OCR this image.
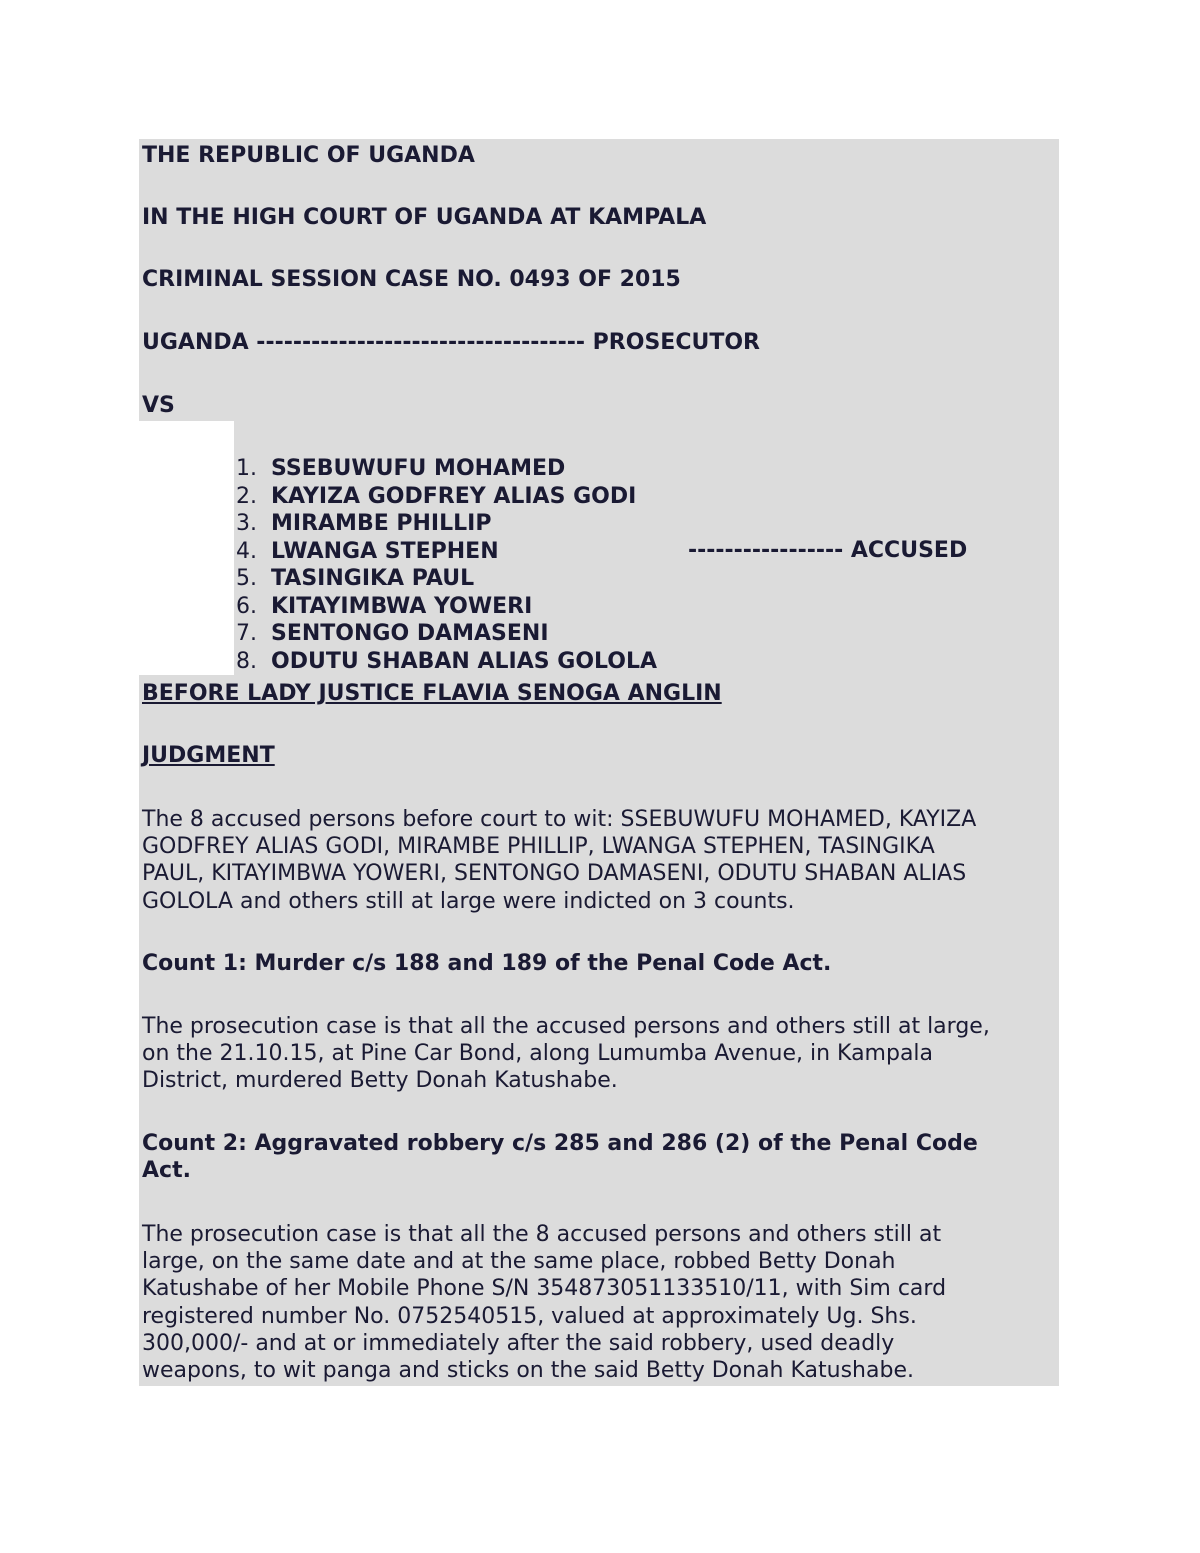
THE REPUBLIC OF UGANDA

IN THE HIGH COURT OF UGANDA AT KAMPALA

CRIMINAL SESSION CASE NO. 0493 OF 2015

UGANDA ------------------------------------ PROSECUTOR

VS

1. SSEBUWUFU MOHAMED
2. KAYIZA GODFREY ALIAS GODI
3. MIRAMBE PHILLIP
4. LWANGA STEPHEN
5. TASINGIKA PAUL
6. KITAYIMBWA YOWERI
7. SENTONGO DAMASENI
8. ODUTU SHABAN ALIAS GOLOLA
----------------- ACCUSED

BEFORE LADY JUSTICE FLAVIA SENOGA ANGLIN

JUDGMENT

The 8 accused persons before court to wit: SSEBUWUFU MOHAMED, KAYIZA
GODFREY ALIAS GODI, MIRAMBE PHILLIP, LWANGA STEPHEN, TASINGIKA
PAUL, KITAYIMBWA YOWERI, SENTONGO DAMASENI, ODUTU SHABAN ALIAS
GOLOLA and others still at large were indicted on 3 counts.

Count 1: Murder c/s 188 and 189 of the Penal Code Act.

The prosecution case is that all the accused persons and others still at large,
on the 21.10.15, at Pine Car Bond, along Lumumba Avenue, in Kampala
District, murdered Betty Donah Katushabe.

Count 2: Aggravated robbery c/s 285 and 286 (2) of the Penal Code
Act.

The prosecution case is that all the 8 accused persons and others still at
large, on the same date and at the same place, robbed Betty Donah
Katushabe of her Mobile Phone S/N 354873051133510/11, with Sim card
registered number No. 0752540515, valued at approximately Ug. Shs.
300,000/- and at or immediately after the said robbery, used deadly
weapons, to wit panga and sticks on the said Betty Donah Katushabe.
